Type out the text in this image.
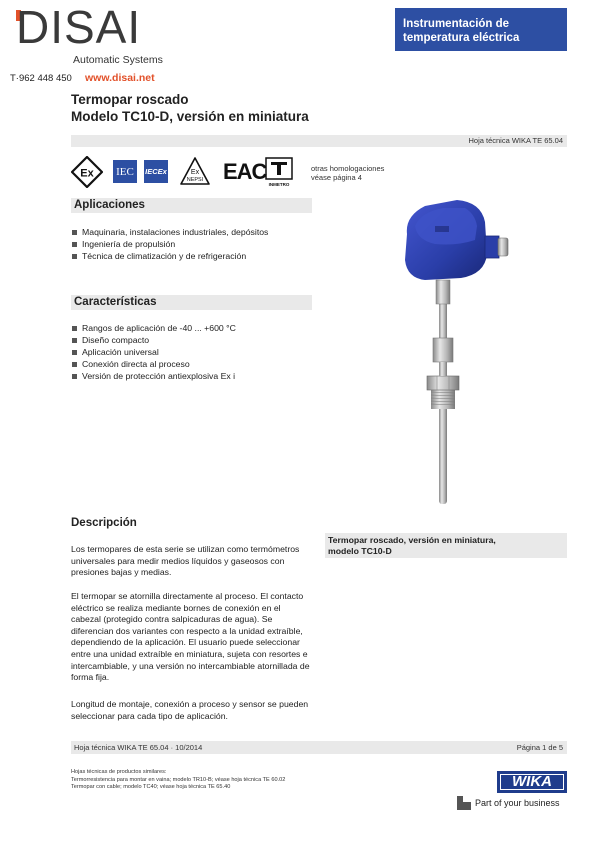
DISAI
Automatic Systems
T·962 448 450 www.disai.net
Instrumentación de
temperatura eléctrica
Termopar roscado
Modelo TC10-D, versión en miniatura
Hoja técnica WIKA TE 65.04
Ex IEC	IECEx	Ex
NEPSI EAC
INMETRO
otras homologaciones
véase página 4
Aplicaciones
Maquinaria, instalaciones industriales, depósitos
Ingeniería de propulsión
Técnica de climatización y de refrigeración
Características
Rangos de aplicación de -40 ... +600 °C
Diseño compacto
Aplicación universal
Conexión directa al proceso
Versión de protección antiexplosiva Ex i
Termopar roscado, versión en miniatura,
modelo TC10-D
Descripción
Los termopares de esta serie se utilizan como termómetros universales para medir medios líquidos y gaseosos con presiones bajas y medias.
El termopar se atornilla directamente al proceso. El contacto eléctrico se realiza mediante bornes de conexión en el cabezal (protegido contra salpicaduras de agua). Se diferencian dos variantes con respecto a la unidad extraíble, dependiendo de la aplicación. El usuario puede seleccionar entre una unidad extraíble en miniatura, sujeta con resortes e intercambiable, y una versión no intercambiable atornillada de forma fija.
Longitud de montaje, conexión a proceso y sensor se pueden seleccionar para cada tipo de aplicación.
Hoja técnica WIKA TE 65.04 · 10/2014	Página 1 de 5
Hojas técnicas de productos similares:
Termorresistencia para montar en vaina; modelo TR10-B; véase hoja técnica TE 60.02
Termopar con cable; modelo TC40; véase hoja técnica TE 65.40	WIKA
Part of your business
